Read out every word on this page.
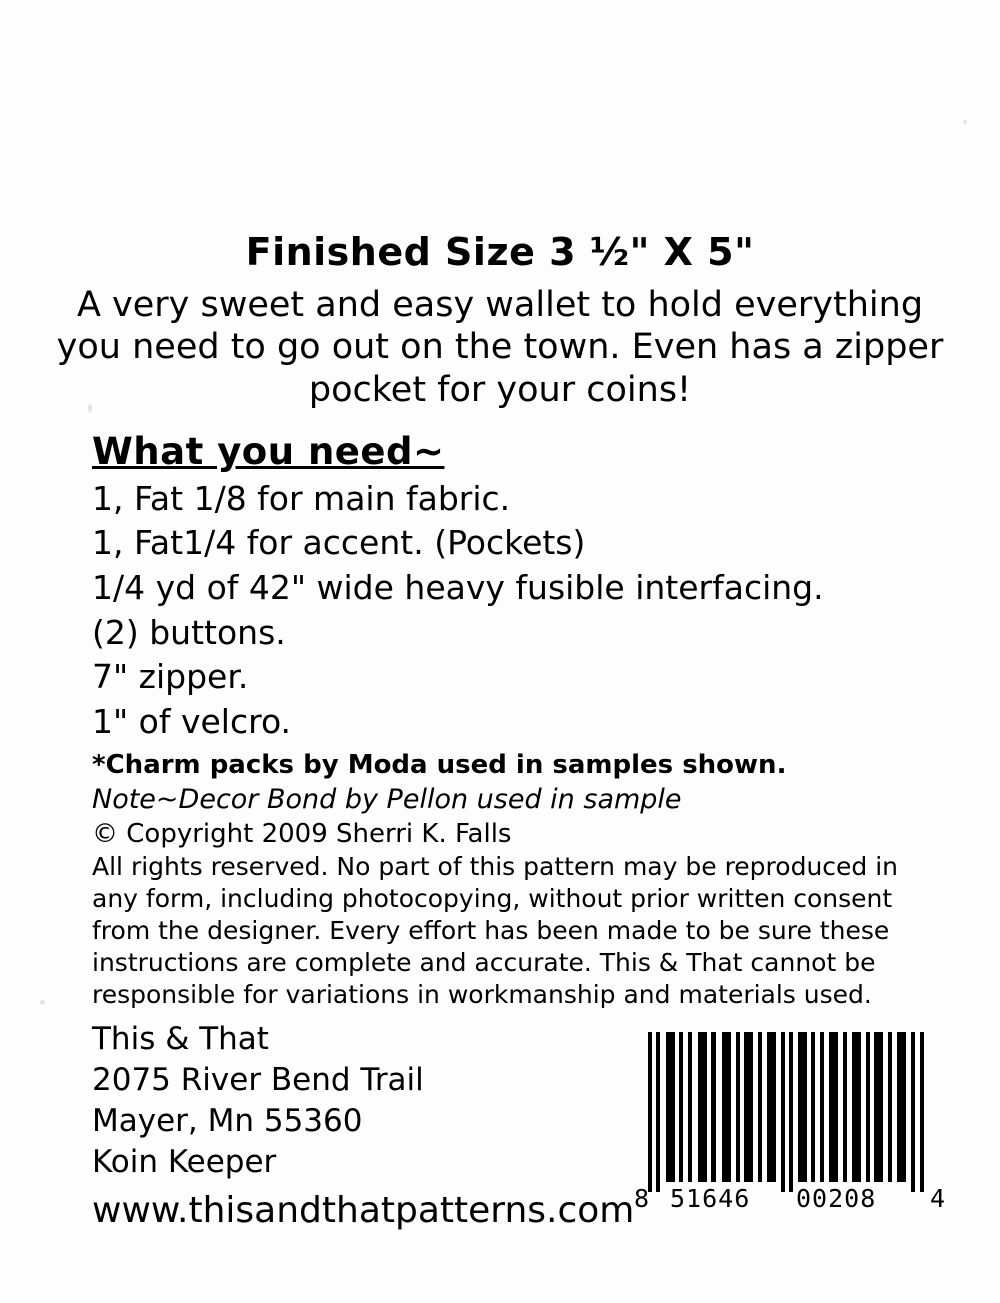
Finished Size 3 ½" X 5"

A very sweet and easy wallet to hold everything you need to go out on the town. Even has a zipper pocket for your coins!

What you need~
1, Fat 1/8 for main fabric.
1, Fat1/4 for accent. (Pockets)
1/4 yd of 42" wide heavy fusible interfacing.
(2) buttons.
7" zipper.
1" of velcro.

*Charm packs by Moda used in samples shown.

Note~Decor Bond by Pellon used in sample

© Copyright 2009 Sherri K. Falls

All rights reserved. No part of this pattern may be reproduced in any form, including photocopying, without prior written consent from the designer. Every effort has been made to be sure these instructions are complete and accurate. This & That cannot be responsible for variations in workmanship and materials used.

This & That
2075 River Bend Trail
Mayer, Mn 55360
Koin Keeper

www.thisandthatpatterns.com 8 51646 00208 4
